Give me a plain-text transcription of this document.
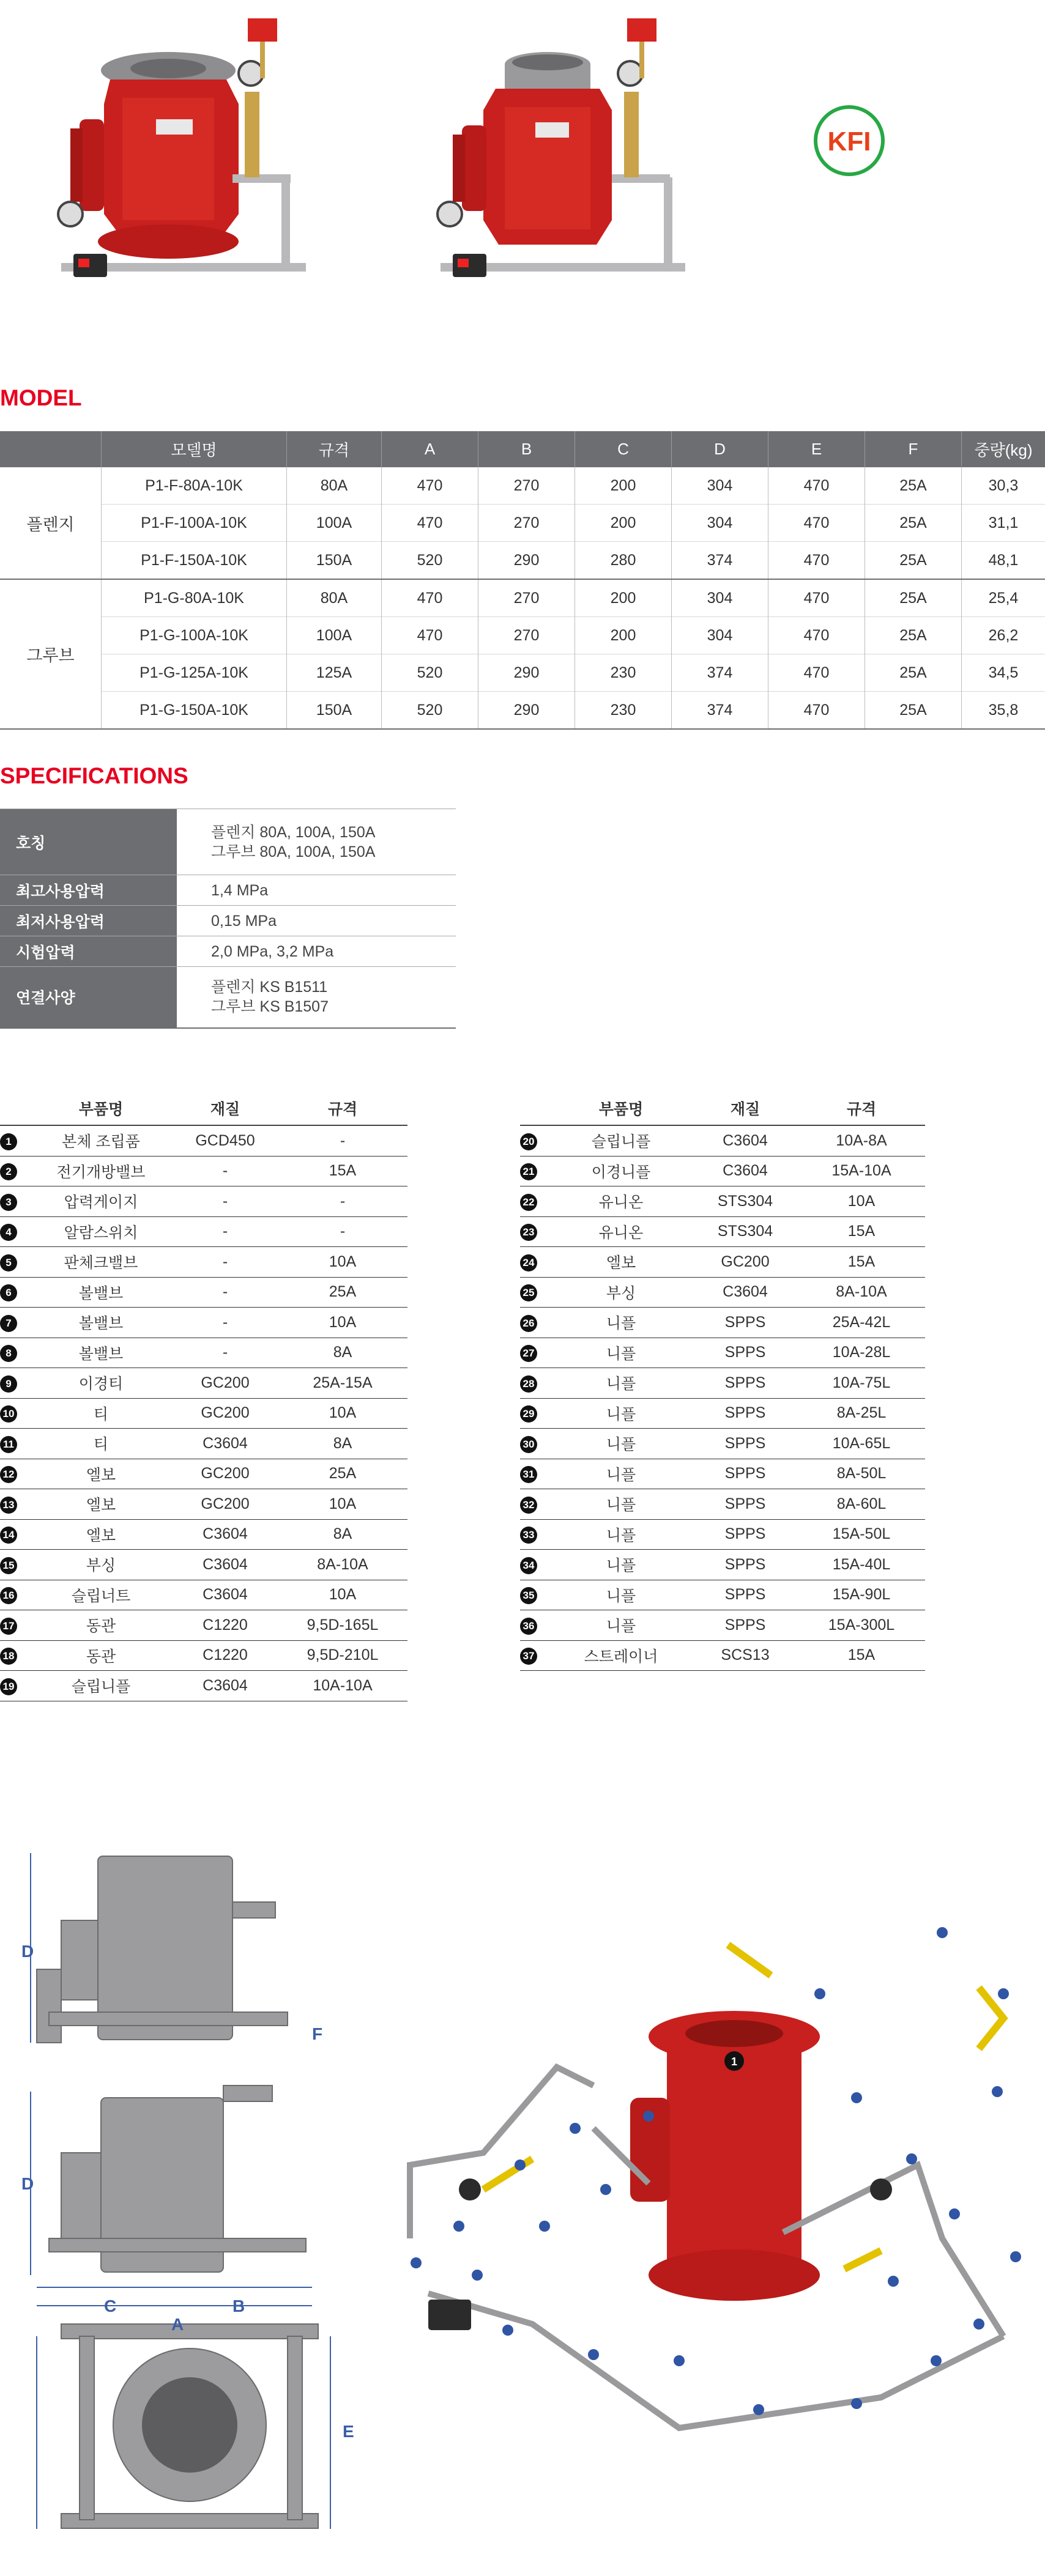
KFI
MODEL
	모델명	규격	A	B	C	D	E	F	중량(kg)
플렌지	P1-F-80A-10K	80A	470	270	200	304	470	25A	30,3
	P1-F-100A-10K	100A	470	270	200	304	470	25A	31,1
	P1-F-150A-10K	150A	520	290	280	374	470	25A	48,1
그루브	P1-G-80A-10K	80A	470	270	200	304	470	25A	25,4
	P1-G-100A-10K	100A	470	270	200	304	470	25A	26,2
	P1-G-125A-10K	125A	520	290	230	374	470	25A	34,5
	P1-G-150A-10K	150A	520	290	230	374	470	25A	35,8
SPECIFICATIONS
호칭	플렌지 80A, 100A, 150A
그루브 80A, 100A, 150A

최고사용압력	1,4 MPa

최저사용압력	0,15 MPa

시험압력	2,0 MPa, 3,2 MPa

연결사양	플렌지 KS B1511
그루브 KS B1507
	부품명	재질	규격
1	본체 조립품	GCD450	-
2	전기개방밸브	-	15A
3	압력게이지	-	-
4	알람스위치	-	-
5	판체크밸브	-	10A
6	볼밸브	-	25A
7	볼밸브	-	10A
8	볼밸브	-	8A
9	이경티	GC200	25A-15A
10	티	GC200	10A
11	티	C3604	8A
12	엘보	GC200	25A
13	엘보	GC200	10A
14	엘보	C3604	8A
15	부싱	C3604	8A-10A
16	슬립너트	C3604	10A
17	동관	C1220	9,5D-165L
18	동관	C1220	9,5D-210L
19	슬립니플	C3604	10A-10A
	부품명	재질	규격
20	슬립니플	C3604	10A-8A
21	이경니플	C3604	15A-10A
22	유니온	STS304	10A
23	유니온	STS304	15A
24	엘보	GC200	15A
25	부싱	C3604	8A-10A
26	니플	SPPS	25A-42L
27	니플	SPPS	10A-28L
28	니플	SPPS	10A-75L
29	니플	SPPS	8A-25L
30	니플	SPPS	10A-65L
31	니플	SPPS	8A-50L
32	니플	SPPS	8A-60L
33	니플	SPPS	15A-50L
34	니플	SPPS	15A-40L
35	니플	SPPS	15A-90L
36	니플	SPPS	15A-300L
37	스트레이너	SCS13	15A
D
D
F
E
C	B
A
1
